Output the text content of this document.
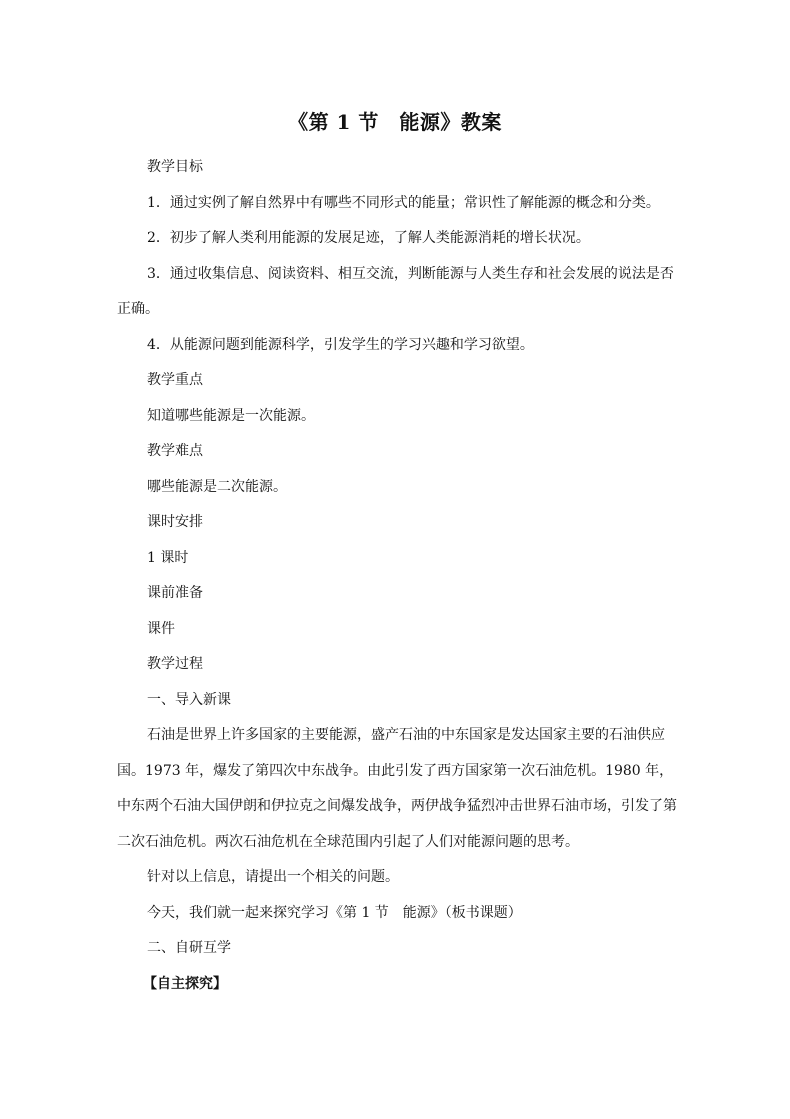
《第 1 节　能源》教案

教学目标

1．通过实例了解自然界中有哪些不同形式的能量；常识性了解能源的概念和分类。

2．初步了解人类利用能源的发展足迹，了解人类能源消耗的增长状况。

3．通过收集信息、阅读资料、相互交流，判断能源与人类生存和社会发展的说法是否正确。

4．从能源问题到能源科学，引发学生的学习兴趣和学习欲望。

教学重点

知道哪些能源是一次能源。

教学难点

哪些能源是二次能源。

课时安排

1 课时

课前准备

课件

教学过程

一、导入新课

石油是世界上许多国家的主要能源，盛产石油的中东国家是发达国家主要的石油供应国。1973 年，爆发了第四次中东战争。由此引发了西方国家第一次石油危机。1980 年，中东两个石油大国伊朗和伊拉克之间爆发战争，两伊战争猛烈冲击世界石油市场，引发了第二次石油危机。两次石油危机在全球范围内引起了人们对能源问题的思考。

针对以上信息，请提出一个相关的问题。

今天，我们就一起来探究学习《第 1 节　能源》（板书课题）

二、自研互学

【自主探究】
